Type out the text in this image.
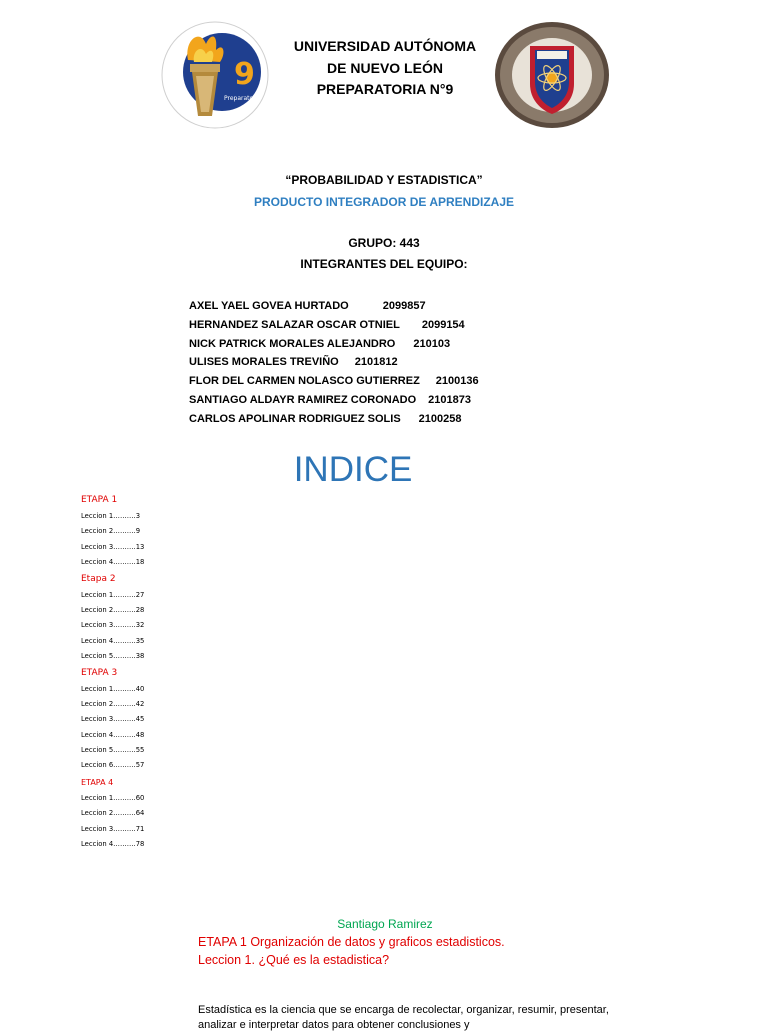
9
Preparatoria
UNIVERSIDAD AUTÓNOMA
DE NUEVO LEÓN
PREPARATORIA N°9
“PROBABILIDAD Y ESTADISTICA”
PRODUCTO INTEGRADOR DE APRENDIZAJE
GRUPO: 443
INTEGRANTES DEL EQUIPO:
AXEL YAEL GOVEA HURTADO	2099857
HERNANDEZ SALAZAR OSCAR OTNIEL 2099154
NICK PATRICK MORALES ALEJANDRO 210103
ULISES MORALES TREVIÑO 2101812
FLOR DEL CARMEN NOLASCO GUTIERREZ 2100136
SANTIAGO ALDAYR RAMIREZ CORONADO 2101873
CARLOS APOLINAR RODRIGUEZ SOLIS 2100258
INDICE
ETAPA 1
Leccion 1……….3
Leccion 2……….9
Leccion 3……….13
Leccion 4……….18
Etapa 2
Leccion 1……….27
Leccion 2……….28
Leccion 3……….32
Leccion 4……….35
Leccion 5……….38
ETAPA 3
Leccion 1……….40
Leccion 2……….42
Leccion 3……….45
Leccion 4……….48
Leccion 5……….55
Leccion 6……….57
ETAPA 4
Leccion 1……….60
Leccion 2……….64
Leccion 3……….71
Leccion 4……….78
Santiago Ramirez
ETAPA 1 Organización de datos y graficos estadisticos.
Leccion 1. ¿Qué es la estadistica?
Estadística es la ciencia que se encarga de recolectar, organizar, resumir, presentar, analizar e interpretar datos para obtener conclusiones y
